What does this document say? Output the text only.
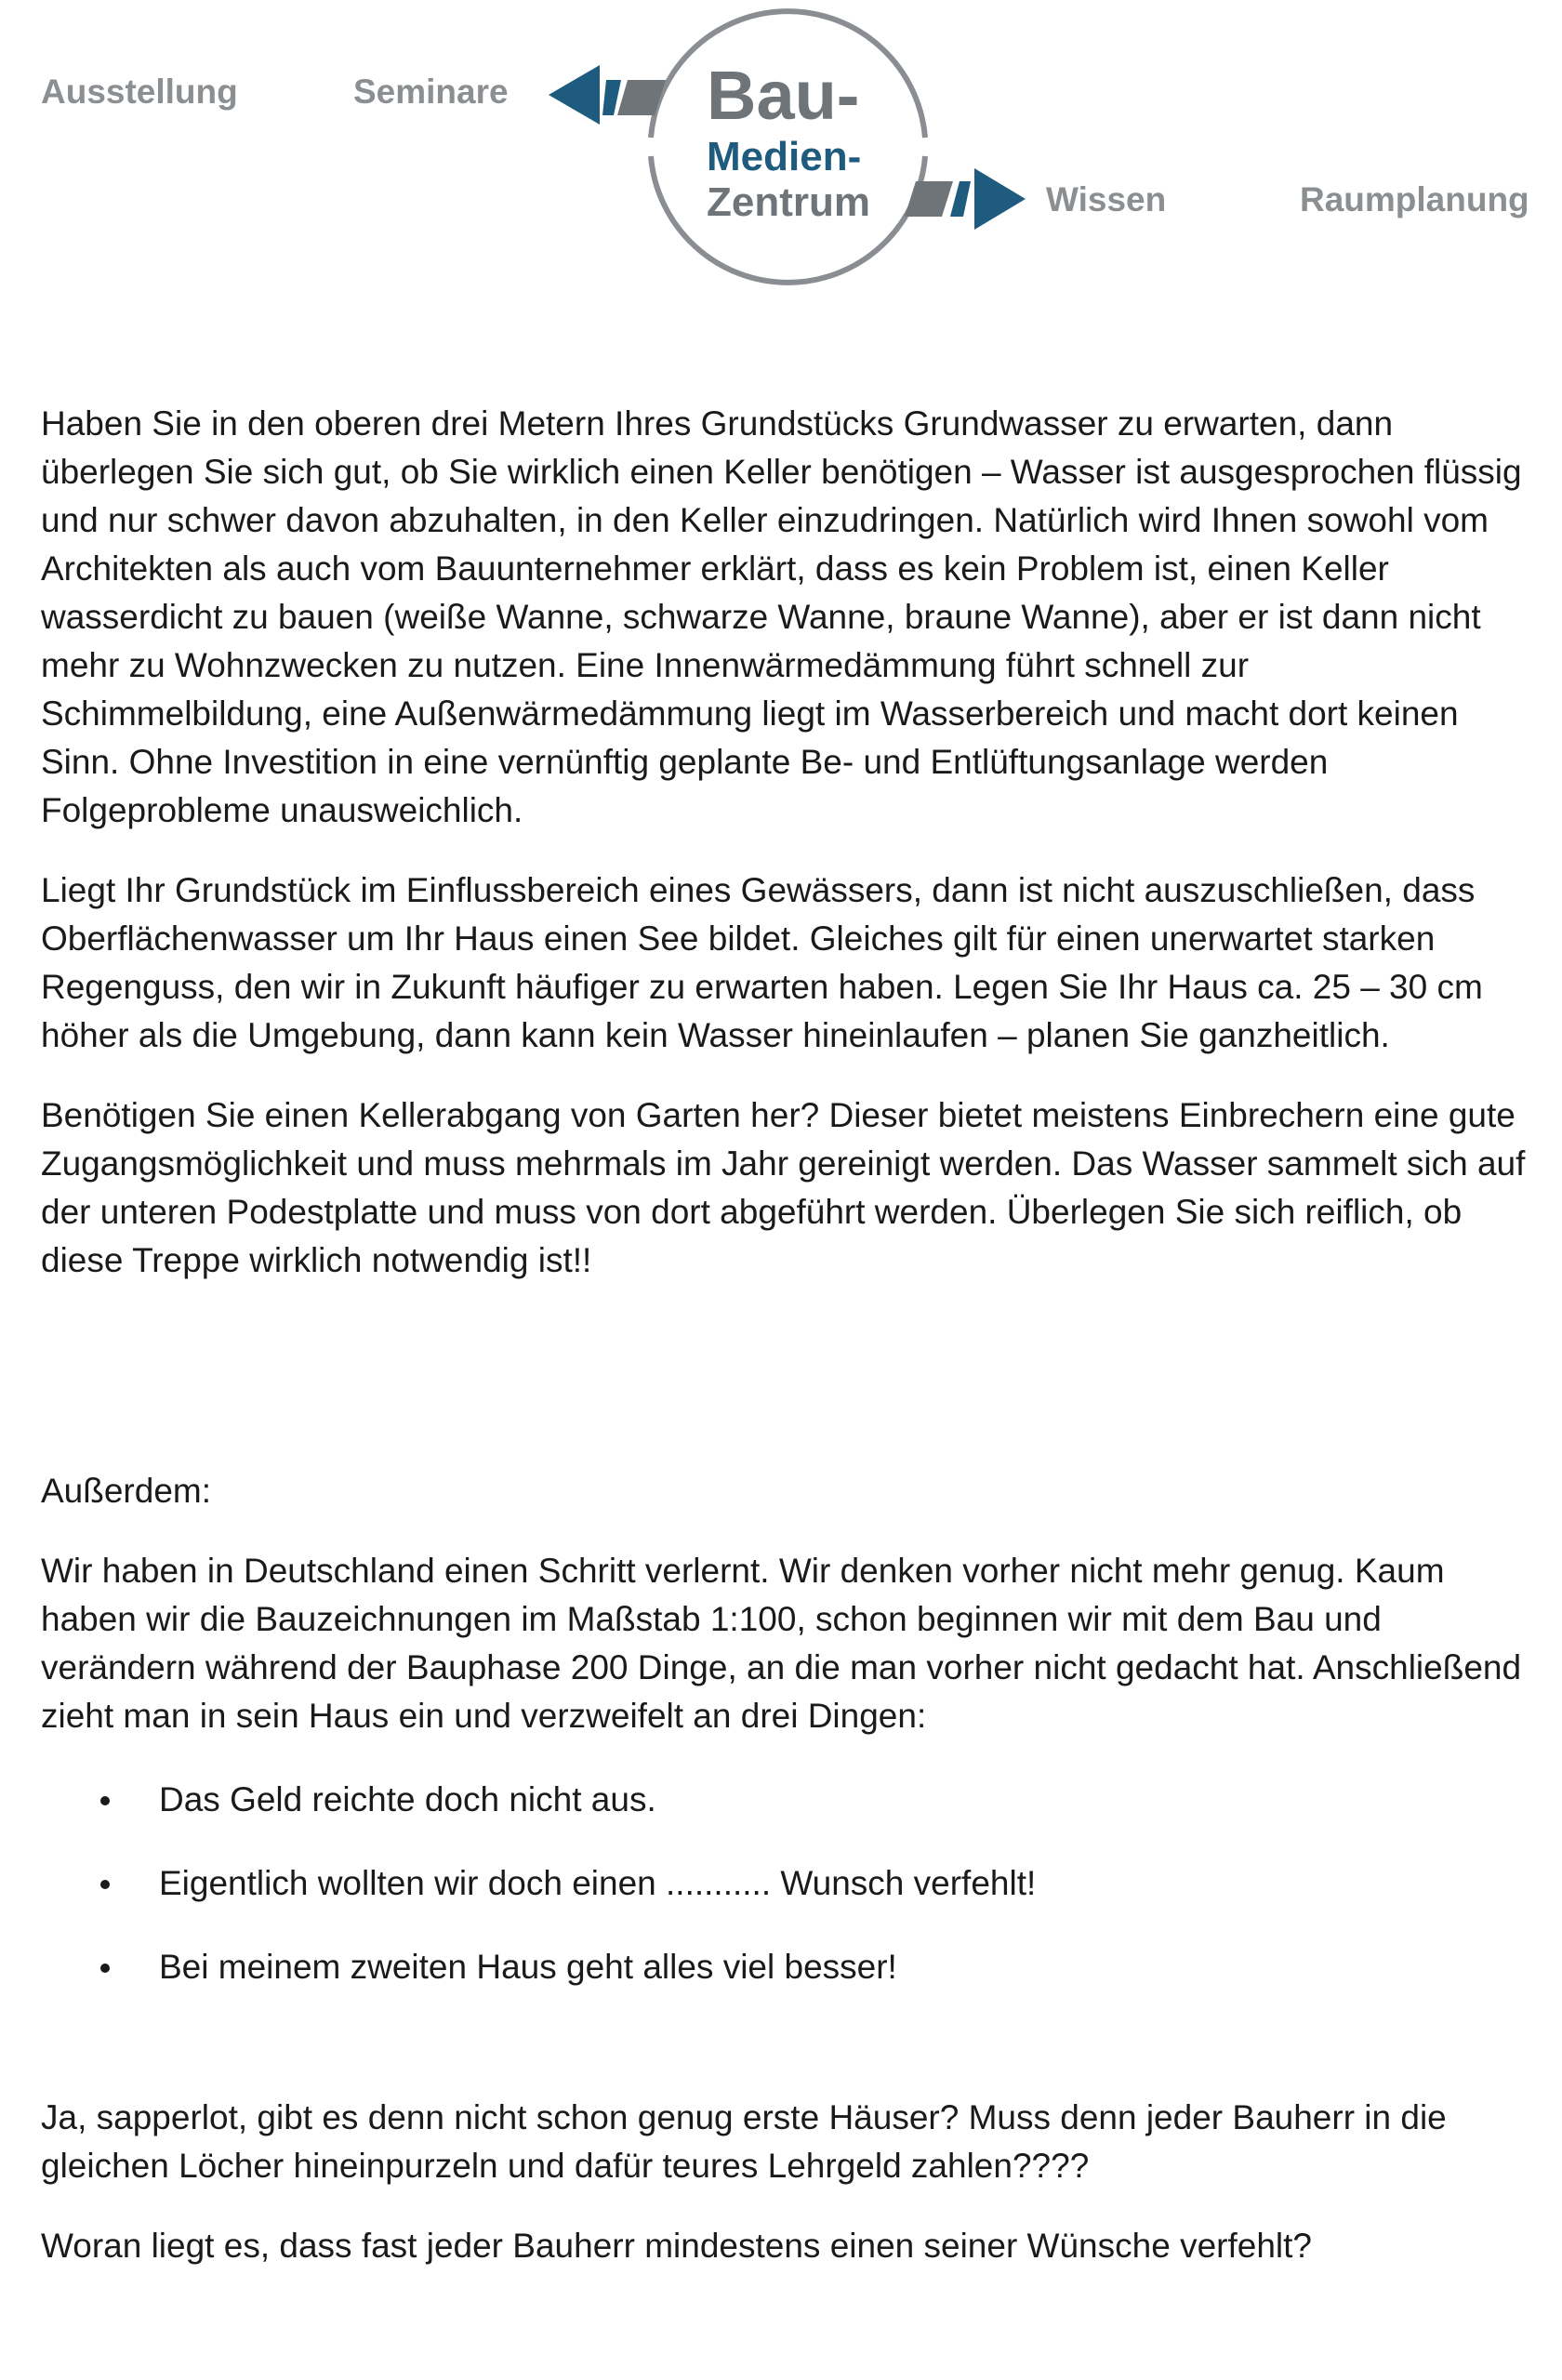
Ausstellung	Seminare
Wissen	Raumplanung
Bau-
Medien-
Zentrum

Haben Sie in den oberen drei Metern Ihres Grundstücks Grundwasser zu erwarten, dann überlegen Sie sich gut, ob Sie wirklich einen Keller benötigen – Wasser ist ausgesprochen flüssig und nur schwer davon abzuhalten, in den Keller einzudringen. Natürlich wird Ihnen sowohl vom Architekten als auch vom Bauunternehmer erklärt, dass es kein Problem ist, einen Keller wasserdicht zu bauen (weiße Wanne, schwarze Wanne, braune Wanne), aber er ist dann nicht mehr zu Wohnzwecken zu nutzen. Eine Innenwärmedämmung führt schnell zur Schimmelbildung, eine Außenwärmedämmung liegt im Wasserbereich und macht dort keinen Sinn. Ohne Investition in eine vernünftig geplante Be- und Entlüftungsanlage werden Folgeprobleme unausweichlich.

Liegt Ihr Grundstück im Einflussbereich eines Gewässers, dann ist nicht auszuschließen, dass Oberflächenwasser um Ihr Haus einen See bildet. Gleiches gilt für einen unerwartet starken Regenguss, den wir in Zukunft häufiger zu erwarten haben. Legen Sie Ihr Haus ca. 25 – 30 cm höher als die Umgebung, dann kann kein Wasser hineinlaufen – planen Sie ganzheitlich.

Benötigen Sie einen Kellerabgang von Garten her? Dieser bietet meistens Einbrechern eine gute Zugangsmöglichkeit und muss mehrmals im Jahr gereinigt werden. Das Wasser sammelt sich auf der unteren Podestplatte und muss von dort abgeführt werden. Überlegen Sie sich reiflich, ob diese Treppe wirklich notwendig ist!!

Außerdem:

Wir haben in Deutschland einen Schritt verlernt. Wir denken vorher nicht mehr genug. Kaum haben wir die Bauzeichnungen im Maßstab 1:100, schon beginnen wir mit dem Bau und verändern während der Bauphase 200 Dinge, an die man vorher nicht gedacht hat. Anschließend zieht man in sein Haus ein und verzweifelt an drei Dingen:

Das Geld reichte doch nicht aus.
Eigentlich wollten wir doch einen ........... Wunsch verfehlt!
Bei meinem zweiten Haus geht alles viel besser!

Ja, sapperlot, gibt es denn nicht schon genug erste Häuser? Muss denn jeder Bauherr in die gleichen Löcher hineinpurzeln und dafür teures Lehrgeld zahlen????

Woran liegt es, dass fast jeder Bauherr mindestens einen seiner Wünsche verfehlt?
